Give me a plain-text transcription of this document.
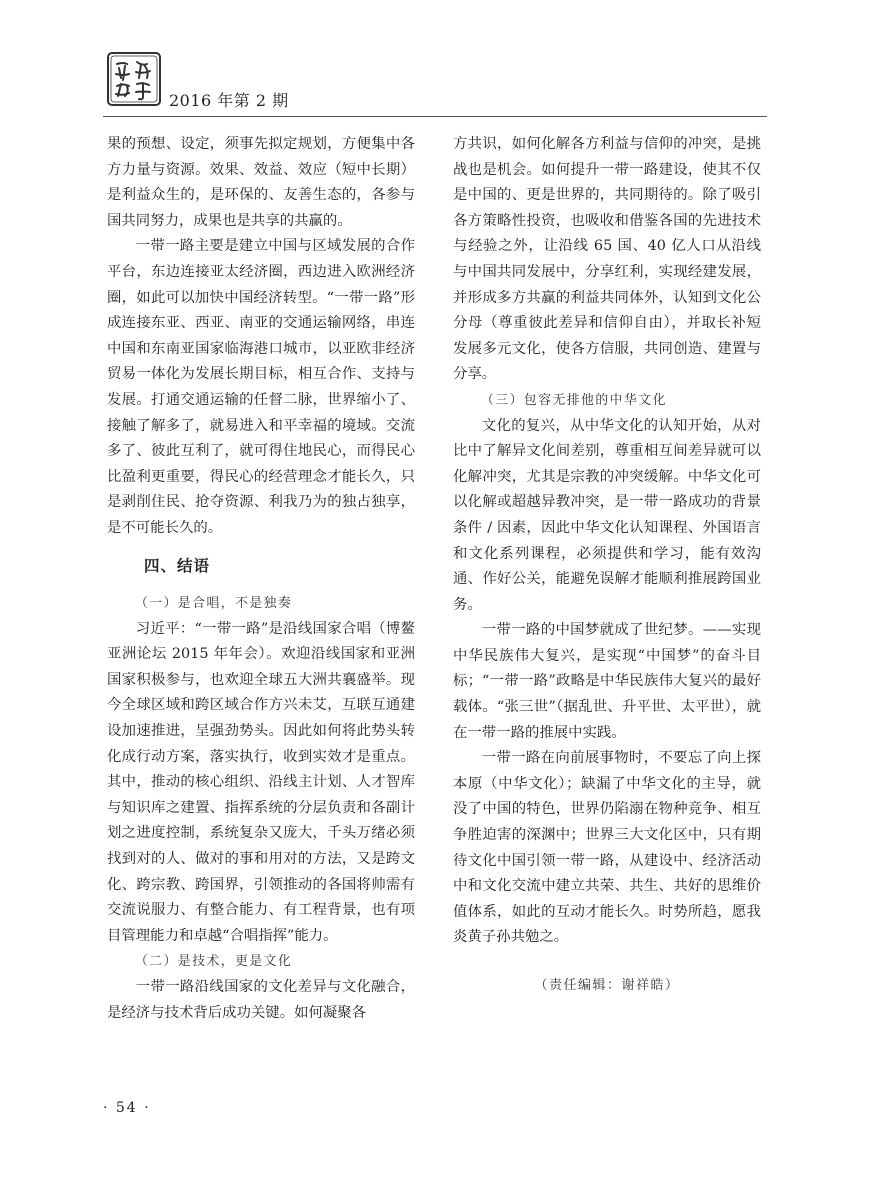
2016 年第 2 期

果的预想、设定，须事先拟定规划，方便集中各方力量与资源。效果、效益、效应（短中长期）是利益众生的，是环保的、友善生态的，各参与国共同努力，成果也是共享的共赢的。

一带一路主要是建立中国与区域发展的合作平台，东边连接亚太经济圈，西边进入欧洲经济圈，如此可以加快中国经济转型。“一带一路”形成连接东亚、西亚、南亚的交通运输网络，串连中国和东南亚国家临海港口城市，以亚欧非经济贸易一体化为发展长期目标，相互合作、支持与发展。打通交通运输的任督二脉，世界缩小了、接触了解多了，就易进入和平幸福的境域。交流多了、彼此互利了，就可得住地民心，而得民心比盈利更重要，得民心的经营理念才能长久，只是剥削住民、抢夺资源、利我乃为的独占独享，是不可能长久的。

四、结语
（一）是合唱，不是独奏

习近平：“一带一路”是沿线国家合唱（博鳌亚洲论坛 2015 年年会）。欢迎沿线国家和亚洲国家积极参与，也欢迎全球五大洲共襄盛举。现今全球区域和跨区域合作方兴未艾，互联互通建设加速推进，呈强劲势头。因此如何将此势头转化成行动方案，落实执行，收到实效才是重点。其中，推动的核心组织、沿线主计划、人才智库与知识库之建置、指挥系统的分层负责和各副计划之进度控制，系统复杂又庞大，千头万绪必须找到对的人、做对的事和用对的方法，又是跨文化、跨宗教、跨国界，引领推动的各国将帅需有交流说服力、有整合能力、有工程背景，也有项目管理能力和卓越“合唱指挥”能力。

（二）是技术，更是文化

一带一路沿线国家的文化差异与文化融合，是经济与技术背后成功关键。如何凝聚各

方共识，如何化解各方利益与信仰的冲突，是挑战也是机会。如何提升一带一路建设，使其不仅是中国的、更是世界的，共同期待的。除了吸引各方策略性投资，也吸收和借鉴各国的先进技术与经验之外，让沿线 65 国、40 亿人口从沿线与中国共同发展中，分享红利，实现经建发展，并形成多方共赢的利益共同体外，认知到文化公分母（尊重彼此差异和信仰自由），并取长补短发展多元文化，使各方信服，共同创造、建置与分享。

（三）包容无排他的中华文化

文化的复兴，从中华文化的认知开始，从对比中了解异文化间差别，尊重相互间差异就可以化解冲突，尤其是宗教的冲突缓解。中华文化可以化解或超越异教冲突，是一带一路成功的背景条件 / 因素，因此中华文化认知课程、外国语言和文化系列课程，必须提供和学习，能有效沟通、作好公关，能避免误解才能顺利推展跨国业务。

一带一路的中国梦就成了世纪梦。——实现中华民族伟大复兴，是实现“中国梦”的奋斗目标；“一带一路”政略是中华民族伟大复兴的最好载体。“张三世”（据乱世、升平世、太平世），就在一带一路的推展中实践。

一带一路在向前展事物时，不要忘了向上探本原（中华文化）；缺漏了中华文化的主导，就没了中国的特色，世界仍陷溺在物种竞争、相互争胜迫害的深渊中；世界三大文化区中，只有期待文化中国引领一带一路，从建设中、经济活动中和文化交流中建立共荣、共生、共好的思维价值体系，如此的互动才能长久。时势所趋，愿我炎黄子孙共勉之。

（责任编辑：谢祥皓）

· 54 ·
